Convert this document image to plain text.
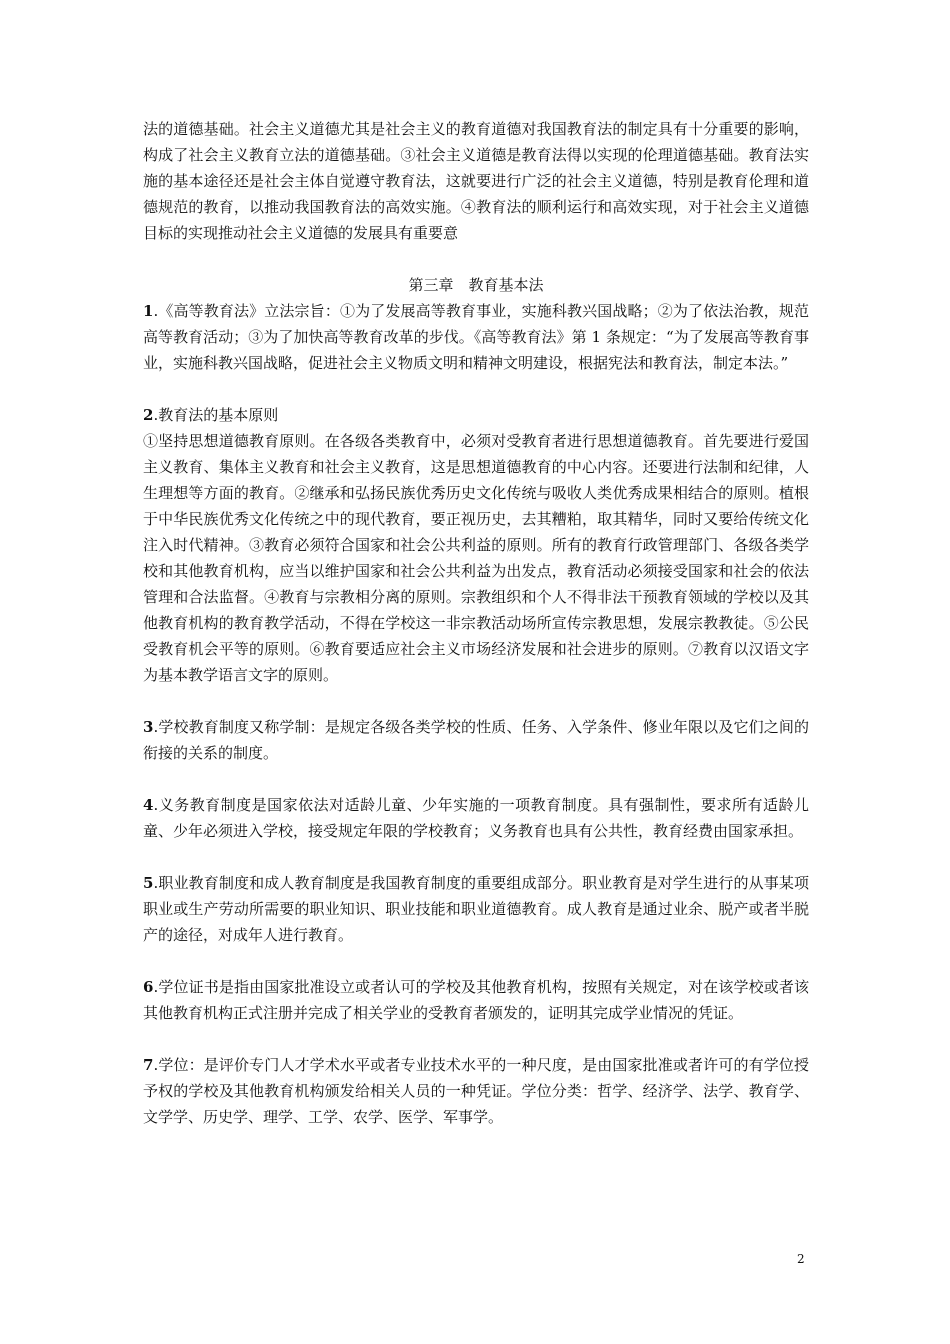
法的道德基础。社会主义道德尤其是社会主义的教育道德对我国教育法的制定具有十分重要的影响，构成了社会主义教育立法的道德基础。③社会主义道德是教育法得以实现的伦理道德基础。教育法实施的基本途径还是社会主体自觉遵守教育法，这就要进行广泛的社会主义道德，特别是教育伦理和道德规范的教育，以推动我国教育法的高效实施。④教育法的顺利运行和高效实现，对于社会主义道德目标的实现推动社会主义道德的发展具有重要意

第三章　教育基本法

1.《高等教育法》立法宗旨：①为了发展高等教育事业，实施科教兴国战略；②为了依法治教，规范高等教育活动；③为了加快高等教育改革的步伐。《高等教育法》第 1 条规定：“为了发展高等教育事业，实施科教兴国战略，促进社会主义物质文明和精神文明建设，根据宪法和教育法，制定本法。”

2.教育法的基本原则

①坚持思想道德教育原则。在各级各类教育中，必须对受教育者进行思想道德教育。首先要进行爱国主义教育、集体主义教育和社会主义教育，这是思想道德教育的中心内容。还要进行法制和纪律，人生理想等方面的教育。②继承和弘扬民族优秀历史文化传统与吸收人类优秀成果相结合的原则。植根于中华民族优秀文化传统之中的现代教育，要正视历史，去其糟粕，取其精华，同时又要给传统文化注入时代精神。③教育必须符合国家和社会公共利益的原则。所有的教育行政管理部门、各级各类学校和其他教育机构，应当以维护国家和社会公共利益为出发点，教育活动必须接受国家和社会的依法管理和合法监督。④教育与宗教相分离的原则。宗教组织和个人不得非法干预教育领域的学校以及其他教育机构的教育教学活动，不得在学校这一非宗教活动场所宣传宗教思想，发展宗教教徒。⑤公民受教育机会平等的原则。⑥教育要适应社会主义市场经济发展和社会进步的原则。⑦教育以汉语文字为基本教学语言文字的原则。

3.学校教育制度又称学制：是规定各级各类学校的性质、任务、入学条件、修业年限以及它们之间的衔接的关系的制度。

4.义务教育制度是国家依法对适龄儿童、少年实施的一项教育制度。具有强制性，要求所有适龄儿童、少年必须进入学校，接受规定年限的学校教育；义务教育也具有公共性，教育经费由国家承担。

5.职业教育制度和成人教育制度是我国教育制度的重要组成部分。职业教育是对学生进行的从事某项职业或生产劳动所需要的职业知识、职业技能和职业道德教育。成人教育是通过业余、脱产或者半脱产的途径，对成年人进行教育。

6.学位证书是指由国家批准设立或者认可的学校及其他教育机构，按照有关规定，对在该学校或者该其他教育机构正式注册并完成了相关学业的受教育者颁发的，证明其完成学业情况的凭证。

7.学位：是评价专门人才学术水平或者专业技术水平的一种尺度，是由国家批准或者许可的有学位授予权的学校及其他教育机构颁发给相关人员的一种凭证。学位分类：哲学、经济学、法学、教育学、文学学、历史学、理学、工学、农学、医学、军事学。

2
